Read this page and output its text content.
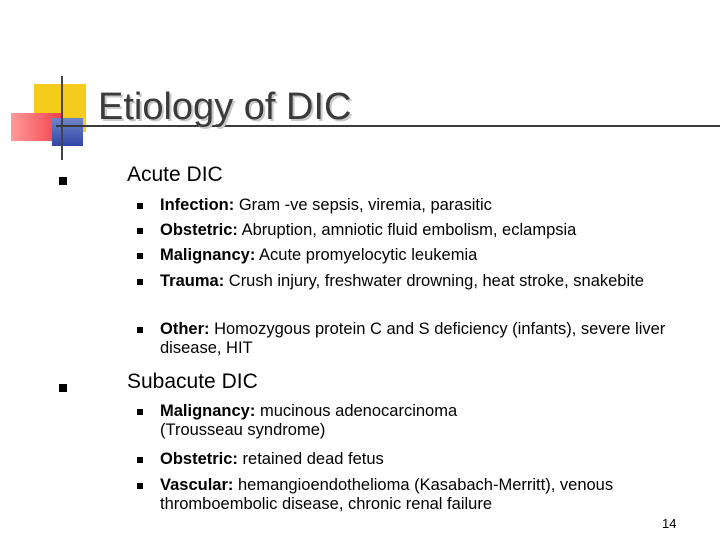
Etiology of DIC
Acute DIC
Infection: Gram -ve sepsis, viremia, parasitic
Obstetric: Abruption, amniotic fluid embolism, eclampsia
Malignancy: Acute promyelocytic leukemia
Trauma: Crush injury, freshwater drowning, heat stroke, snakebite
Other: Homozygous protein C and S deficiency (infants), severe liver disease, HIT
Subacute DIC
Malignancy: mucinous adenocarcinoma (Trousseau syndrome)
Obstetric: retained dead fetus
Vascular: hemangioendothelioma (Kasabach-Merritt), venous thromboembolic disease, chronic renal failure
14
